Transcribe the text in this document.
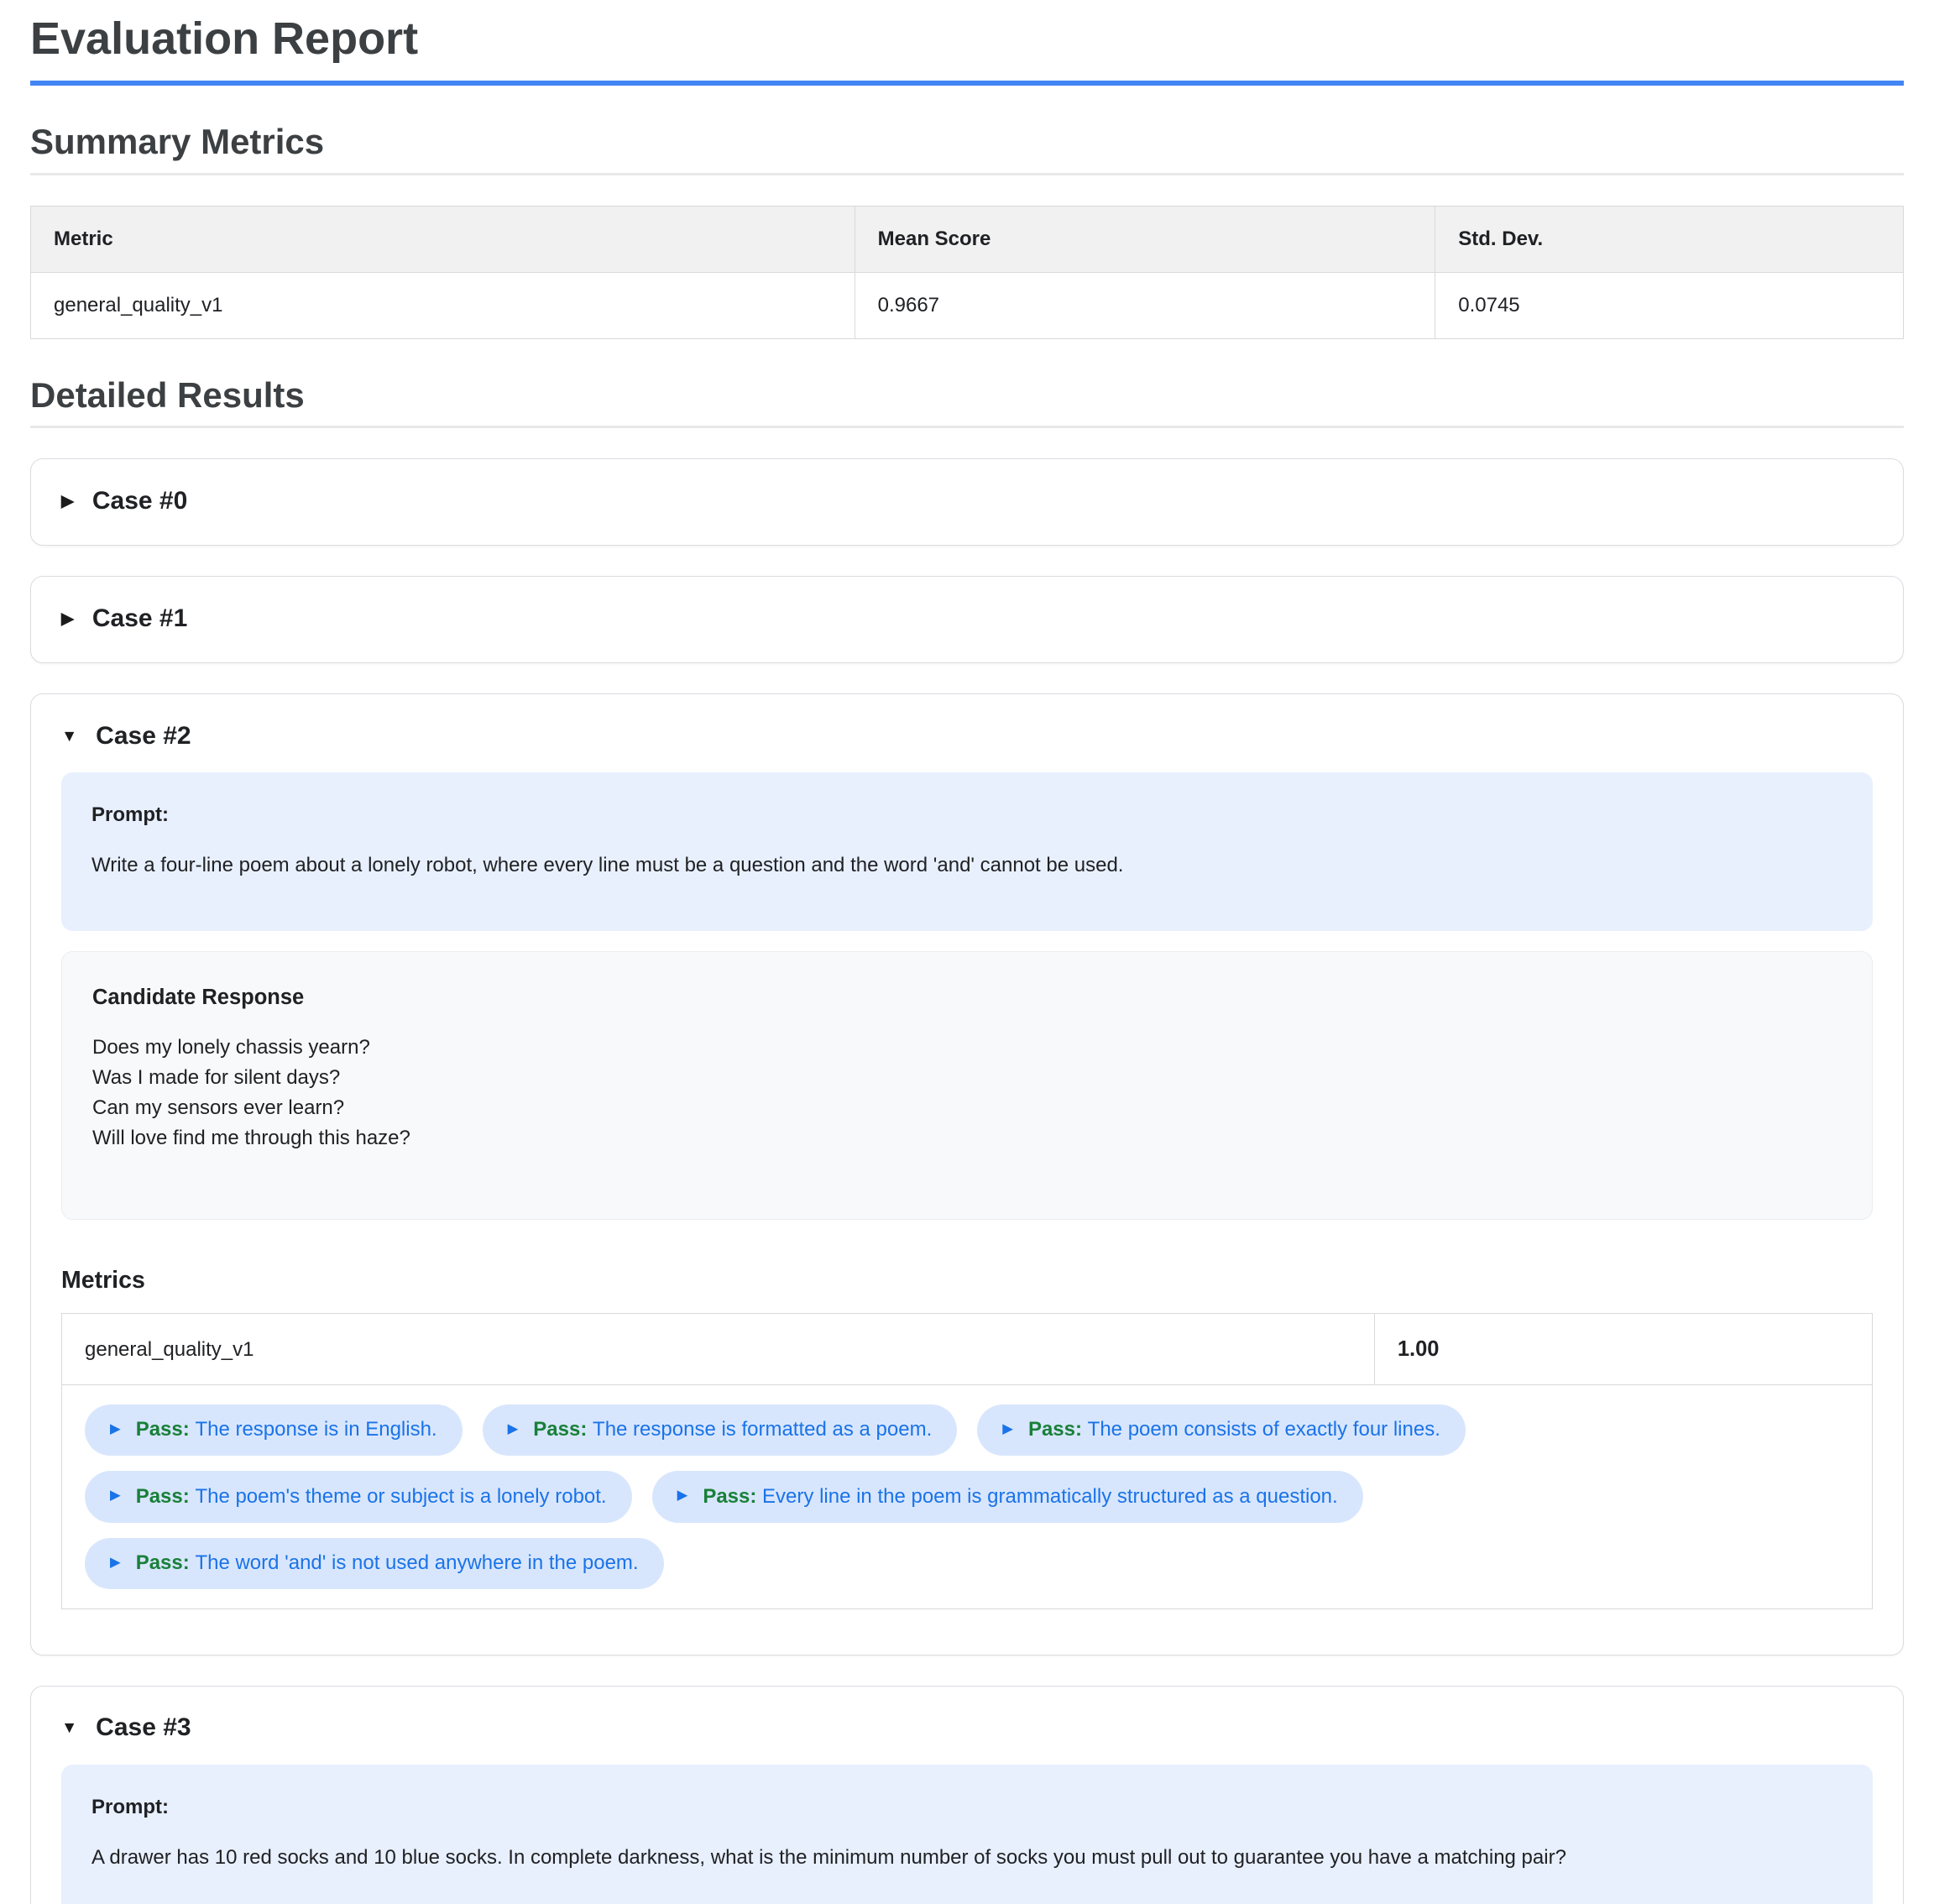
Evaluation Report
Summary Metrics
Metric	Mean Score	Std. Dev.
general_quality_v1	0.9667	0.0745
Detailed Results
▶ Case #0
▶ Case #1
▼ Case #2

Prompt:

Write a four-line poem about a lonely robot, where every line must be a question and the word 'and' cannot be used.

Candidate Response

Does my lonely chassis yearn?
Was I made for silent days?
Can my sensors ever learn?
Will love find me through this haze?
Metrics
general_quality_v1	1.00

▶ Pass : The response is in English.	▶ Pass : The response is formatted as a poem.	▶ Pass : The poem consists of exactly four lines.
▶ Pass : The poem's theme or subject is a lonely robot.	▶ Pass : Every line in the poem is grammatically structured as a question.
▶ Pass : The word 'and' is not used anywhere in the poem.
▼ Case #3

Prompt:

A drawer has 10 red socks and 10 blue socks. In complete darkness, what is the minimum number of socks you must pull out to guarantee you have a matching pair?
